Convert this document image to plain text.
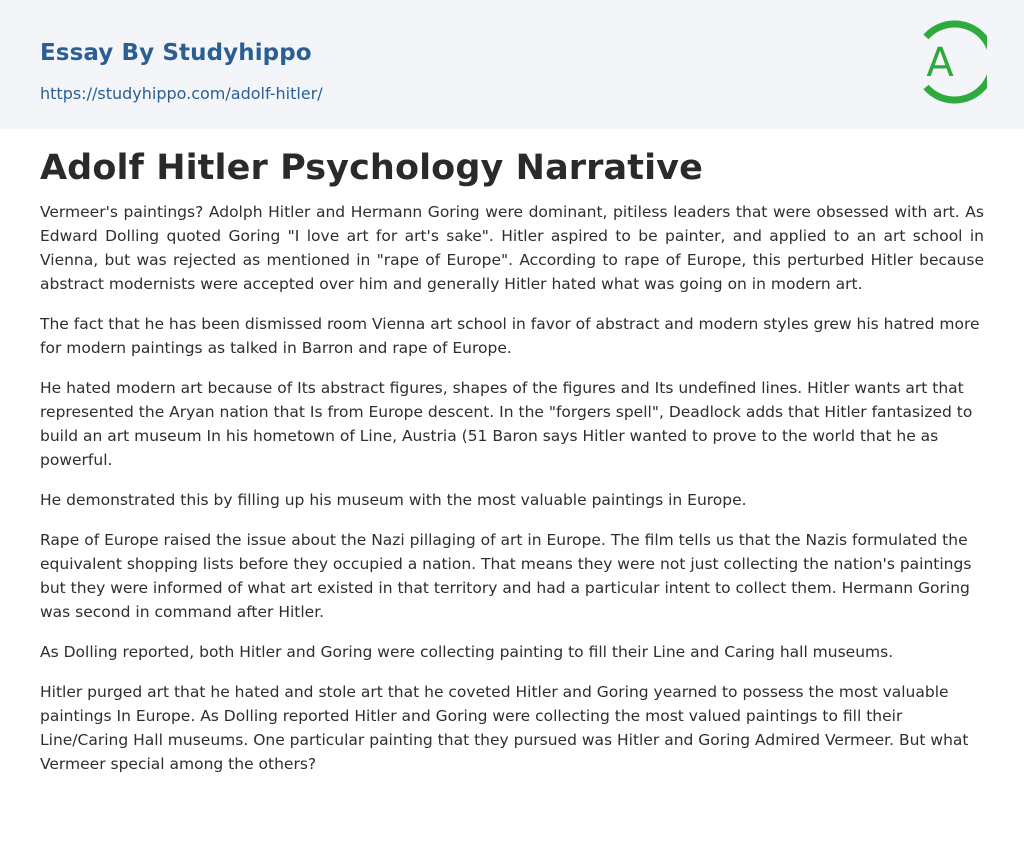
Essay By Studyhippo
https://studyhippo.com/adolf-hitler/
A
Adolf Hitler Psychology Narrative

Vermeer's paintings? Adolph Hitler and Hermann Goring were dominant, pitiless leaders that were obsessed with art. As Edward Dolling quoted Goring "I love art for art's sake". Hitler aspired to be painter, and applied to an art school in Vienna, but was rejected as mentioned in "rape of Europe". According to rape of Europe, this perturbed Hitler because abstract modernists were accepted over him and generally Hitler hated what was going on in modern art.

The fact that he has been dismissed room Vienna art school in favor of abstract and modern styles grew his hatred more for modern paintings as talked in Barron and rape of Europe.

He hated modern art because of Its abstract figures, shapes of the figures and Its undefined lines. Hitler wants art that represented the Aryan nation that Is from Europe descent. In the "forgers spell", Deadlock adds that Hitler fantasized to build an art museum In his hometown of Line, Austria (51 Baron says Hitler wanted to prove to the world that he as powerful.

He demonstrated this by filling up his museum with the most valuable paintings in Europe.

Rape of Europe raised the issue about the Nazi pillaging of art in Europe. The film tells us that the Nazis formulated the equivalent shopping lists before they occupied a nation. That means they were not just collecting the nation's paintings but they were informed of what art existed in that territory and had a particular intent to collect them. Hermann Goring was second in command after Hitler.

As Dolling reported, both Hitler and Goring were collecting painting to fill their Line and Caring hall museums.

Hitler purged art that he hated and stole art that he coveted Hitler and Goring yearned to possess the most valuable paintings In Europe. As Dolling reported Hitler and Goring were collecting the most valued paintings to fill their Line/Caring Hall museums. One particular painting that they pursued was Hitler and Goring Admired Vermeer. But what Vermeer special among the others?
